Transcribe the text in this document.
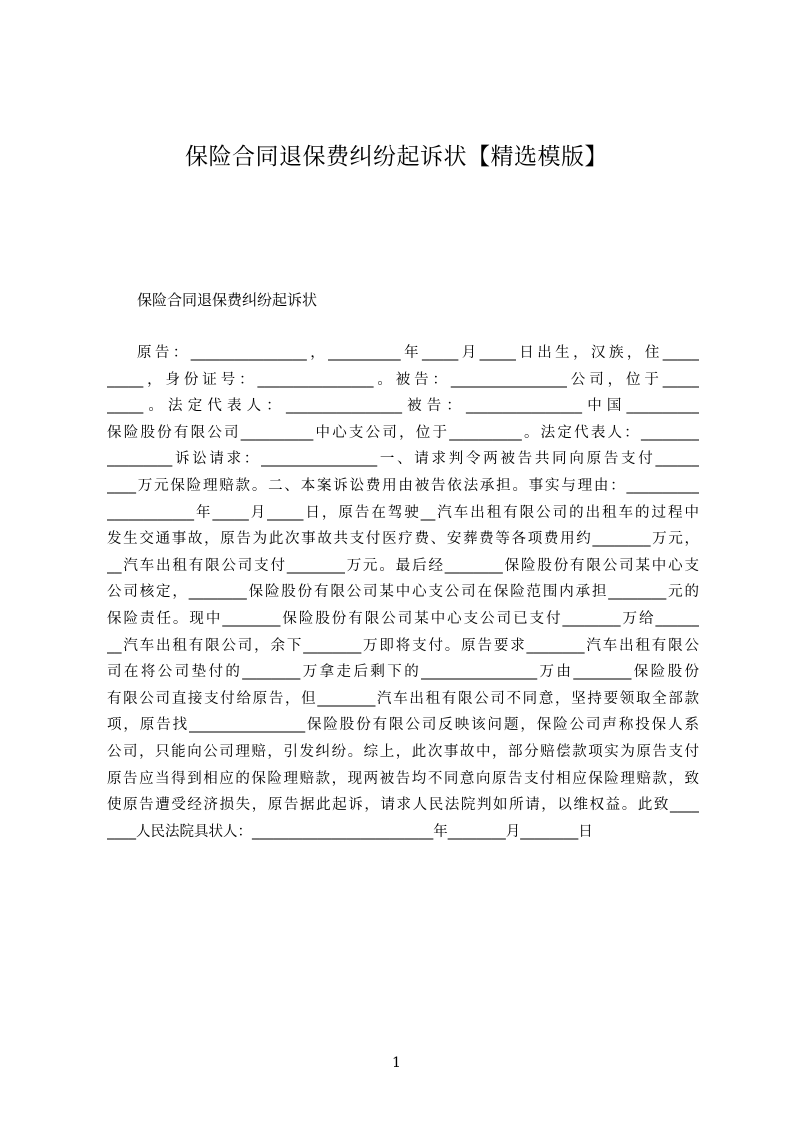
保险合同退保费纠纷起诉状【精选模版】

保险合同退保费纠纷起诉状

原告：________________，__________年_____月_____日出生，汉族，住_____
_____，身份证号：________________。被告：________________公司，位于_____
_____。法定代表人：________________被告：________________中国__________
保险股份有限公司__________中心支公司，位于__________。法定代表人：________
_________诉讼请求：________________一、请求判令两被告共同向原告支付______
____万元保险理赔款。二、本案诉讼费用由被告依法承担。事实与理由：__________
____________年_____月_____日，原告在驾驶__汽车出租有限公司的出租车的过程中
发生交通事故，原告为此次事故共支付医疗费、安葬费等各项费用约________万元，
__汽车出租有限公司支付________万元。最后经________保险股份有限公司某中心支
公司核定，________保险股份有限公司某中心支公司在保险范围内承担________元的
保险责任。现中________保险股份有限公司某中心支公司已支付________万给______
__汽车出租有限公司，余下________万即将支付。原告要求________汽车出租有限公
司在将公司垫付的________万拿走后剩下的________________万由________保险股份
有限公司直接支付给原告，但________汽车出租有限公司不同意，坚持要领取全部款
项，原告找________________保险股份有限公司反映该问题，保险公司声称投保人系
公司，只能向公司理赔，引发纠纷。综上，此次事故中，部分赔偿款项实为原告支付
原告应当得到相应的保险理赔款，现两被告均不同意向原告支付相应保险理赔款，致
使原告遭受经济损失，原告据此起诉，请求人民法院判如所请，以维权益。此致____
____人民法院具状人：_________________________年________月________日

1
